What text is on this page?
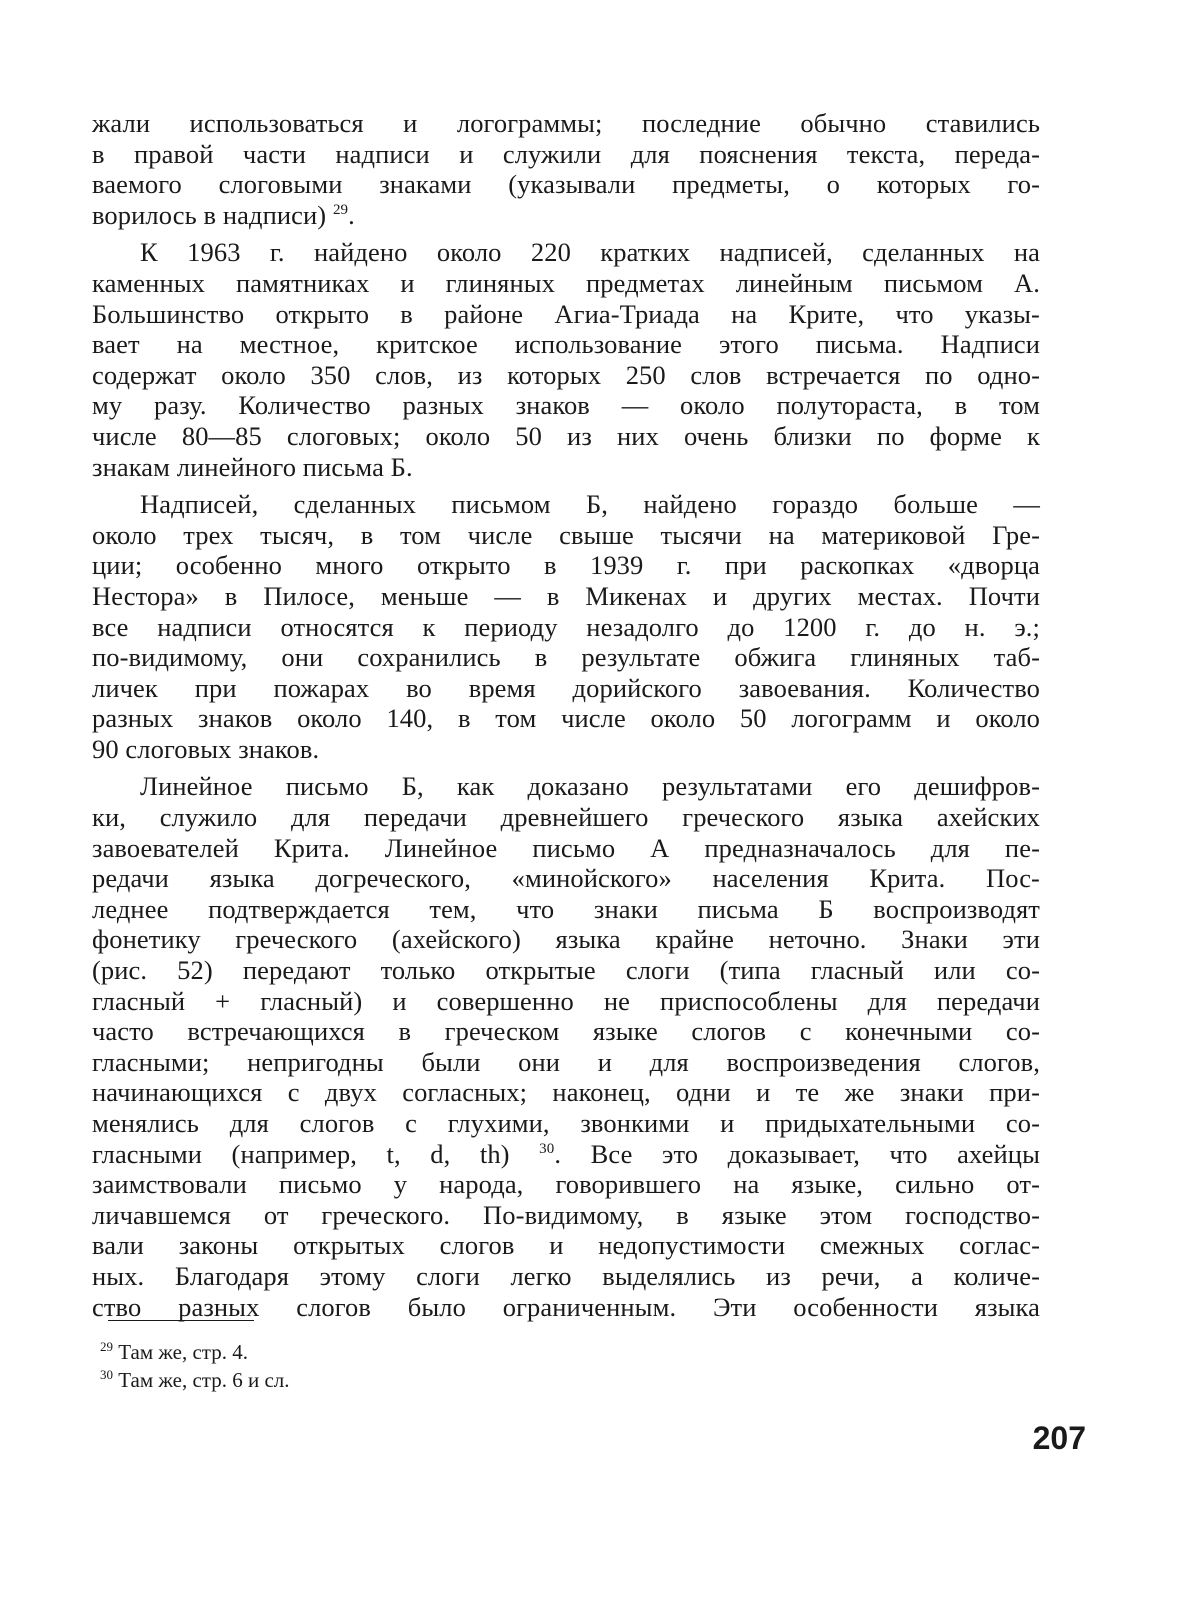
жали использоваться и логограммы; последние обычно ставились
в правой части надписи и служили для пояснения текста, переда-
ваемого слоговыми знаками (указывали предметы, о которых го-
ворилось в надписи) $^{29}$.
К 1963 г. найдено около 220 кратких надписей, сделанных на
каменных памятниках и глиняных предметах линейным письмом А.
Большинство открыто в районе Агиа-Триада на Крите, что указы-
вает на местное, критское использование этого письма. Надписи
содержат около 350 слов, из которых 250 слов встречается по одно-
му разу. Количество разных знаков — около полутораста, в том
числе 80—85 слоговых; около 50 из них очень близки по форме к
знакам линейного письма Б.
Надписей, сделанных письмом Б, найдено гораздо больше —
около трех тысяч, в том числе свыше тысячи на материковой Гре-
ции; особенно много открыто в 1939 г. при раскопках «дворца
Нестора» в Пилосе, меньше — в Микенах и других местах. Почти
все надписи относятся к периоду незадолго до 1200 г. до н. э.;
по-видимому, они сохранились в результате обжига глиняных таб-
личек при пожарах во время дорийского завоевания. Количество
разных знаков около 140, в том числе около 50 логограмм и около
90 слоговых знаков.
Линейное письмо Б, как доказано результатами его дешифров-
ки, служило для передачи древнейшего греческого языка ахейских
завоевателей Крита. Линейное письмо А предназначалось для пе-
редачи языка догреческого, «минойского» населения Крита. Пос-
леднее подтверждается тем, что знаки письма Б воспроизводят
фонетику греческого (ахейского) языка крайне неточно. Знаки эти
(рис. 52) передают только открытые слоги (типа гласный или со-
гласный + гласный) и совершенно не приспособлены для передачи
часто встречающихся в греческом языке слогов с конечными со-
гласными; непригодны были они и для воспроизведения слогов,
начинающихся с двух согласных; наконец, одни и те же знаки при-
менялись для слогов с глухими, звонкими и придыхательными со-
гласными (например, t, d, th) $^{30}$. Все это доказывает, что ахейцы
заимствовали письмо у народа, говорившего на языке, сильно от-
личавшемся от греческого. По-видимому, в языке этом господство-
вали законы открытых слогов и недопустимости смежных соглас-
ных. Благодаря этому слоги легко выделялись из речи, а количе-
ство разных слогов было ограниченным. Эти особенности языка
$^{29}$ Там же, стр. 4.
$^{30}$ Там же, стр. 6 и сл.
207
